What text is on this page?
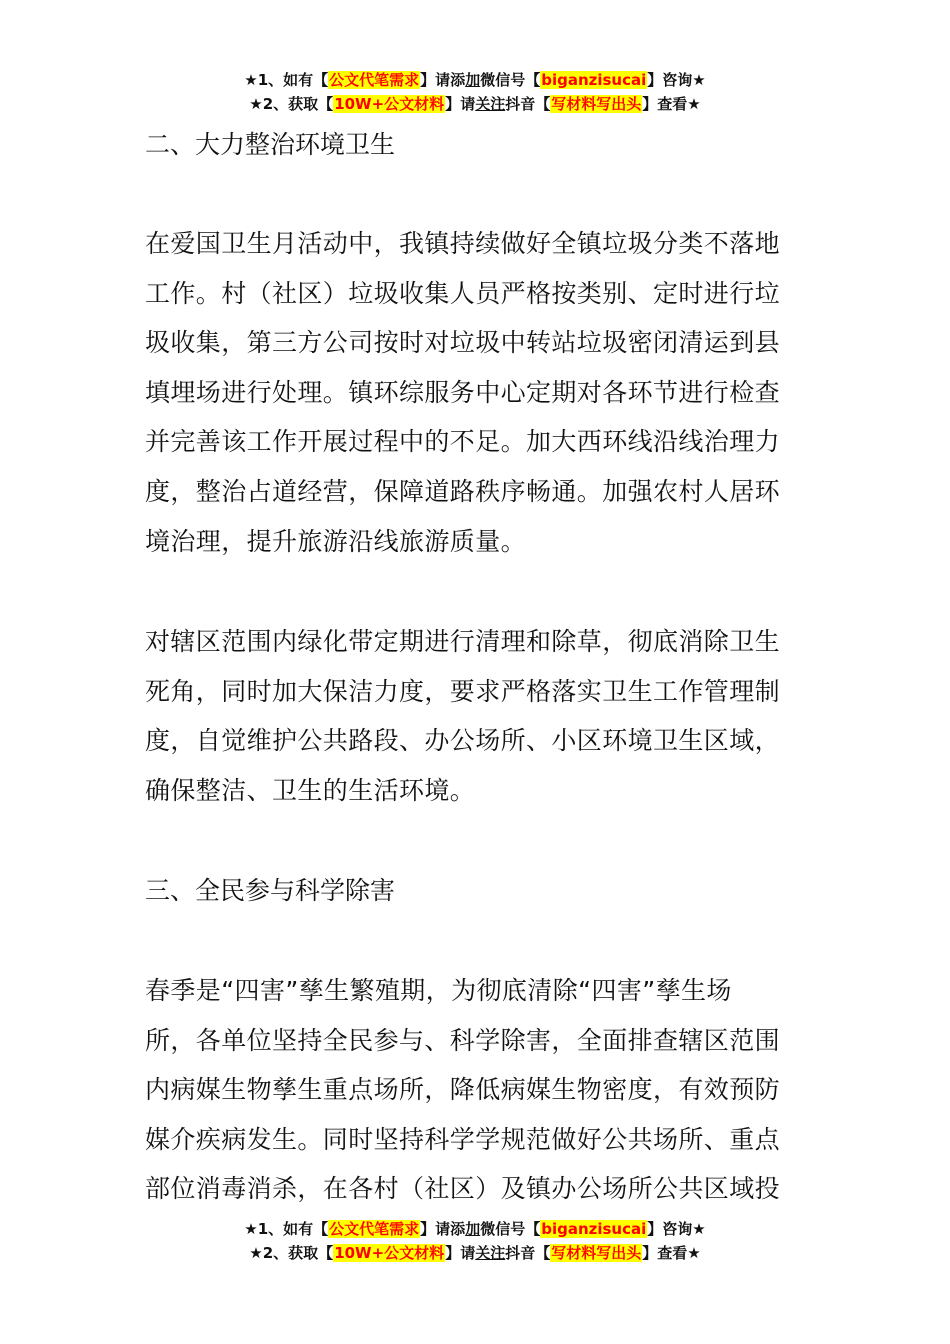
★1、如有【公文代笔需求】请添加微信号【biganzisucai】咨询★
★2、获取【10W+公文材料】请关注抖音【写材料写出头】查看★
二、大力整治环境卫生
在爱国卫生月活动中，我镇持续做好全镇垃圾分类不落地
工作。村（社区）垃圾收集人员严格按类别、定时进行垃
圾收集，第三方公司按时对垃圾中转站垃圾密闭清运到县
填埋场进行处理。镇环综服务中心定期对各环节进行检查
并完善该工作开展过程中的不足。加大西环线沿线治理力
度，整治占道经营，保障道路秩序畅通。加强农村人居环
境治理，提升旅游沿线旅游质量。
对辖区范围内绿化带定期进行清理和除草，彻底消除卫生
死角，同时加大保洁力度，要求严格落实卫生工作管理制
度，自觉维护公共路段、办公场所、小区环境卫生区域，
确保整洁、卫生的生活环境。
三、全民参与科学除害
春季是“四害”孳生繁殖期，为彻底清除“四害”孳生场
所，各单位坚持全民参与、科学除害，全面排查辖区范围
内病媒生物孳生重点场所，降低病媒生物密度，有效预防
媒介疾病发生。同时坚持科学学规范做好公共场所、重点
部位消毒消杀，在各村（社区）及镇办公场所公共区域投
★1、如有【公文代笔需求】请添加微信号【biganzisucai】咨询★
★2、获取【10W+公文材料】请关注抖音【写材料写出头】查看★
